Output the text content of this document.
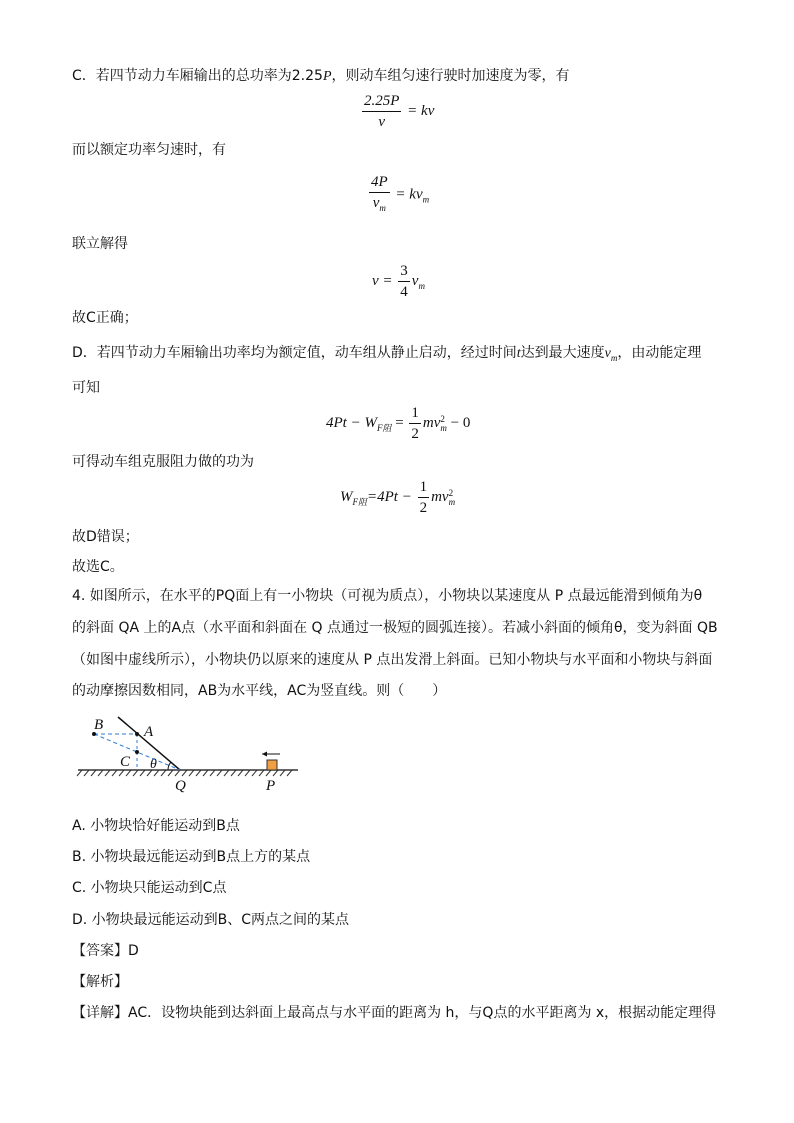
C．若四节动力车厢输出的总功率为2.25P，则动车组匀速行驶时加速度为零，有
$\frac{2.25P}{v}$ = kv
而以额定功率匀速时，有
$\frac{4P}{v_m} = kv_m$
联立解得
$v = \frac{3}{4} v_m$
故C正确；
D．若四节动力车厢输出功率均为额定值，动车组从静止启动，经过时间t达到最大速度$v_m$，由动能定理
可知
$4Pt - W_{F阻} = \frac{1}{2}$ mv 2
m − 0
可得动车组克服阻力做的功为
$W_{F阻}=4Pt - \frac{1}{2}$ mv 2
m
故D错误；
故选C。
4. 如图所示，在水平的PQ面上有一小物块（可视为质点），小物块以某速度从 P 点最远能滑到倾角为θ
的斜面 QA 上的A点（水平面和斜面在 Q 点通过一极短的圆弧连接）。若减小斜面的倾角θ，变为斜面 QB
（如图中虚线所示），小物块仍以原来的速度从 P 点出发滑上斜面。已知小物块与水平面和小物块与斜面
的动摩擦因数相同，AB为水平线，AC为竖直线。则（　　）
B	A
C θ
Q	P
A. 小物块恰好能运动到B点
B. 小物块最远能运动到B点上方的某点
C. 小物块只能运动到C点
D. 小物块最远能运动到B、C两点之间的某点
【答案】D
【解析】
【详解】AC．设物块能到达斜面上最高点与水平面的距离为 h，与Q点的水平距离为 x，根据动能定理得
